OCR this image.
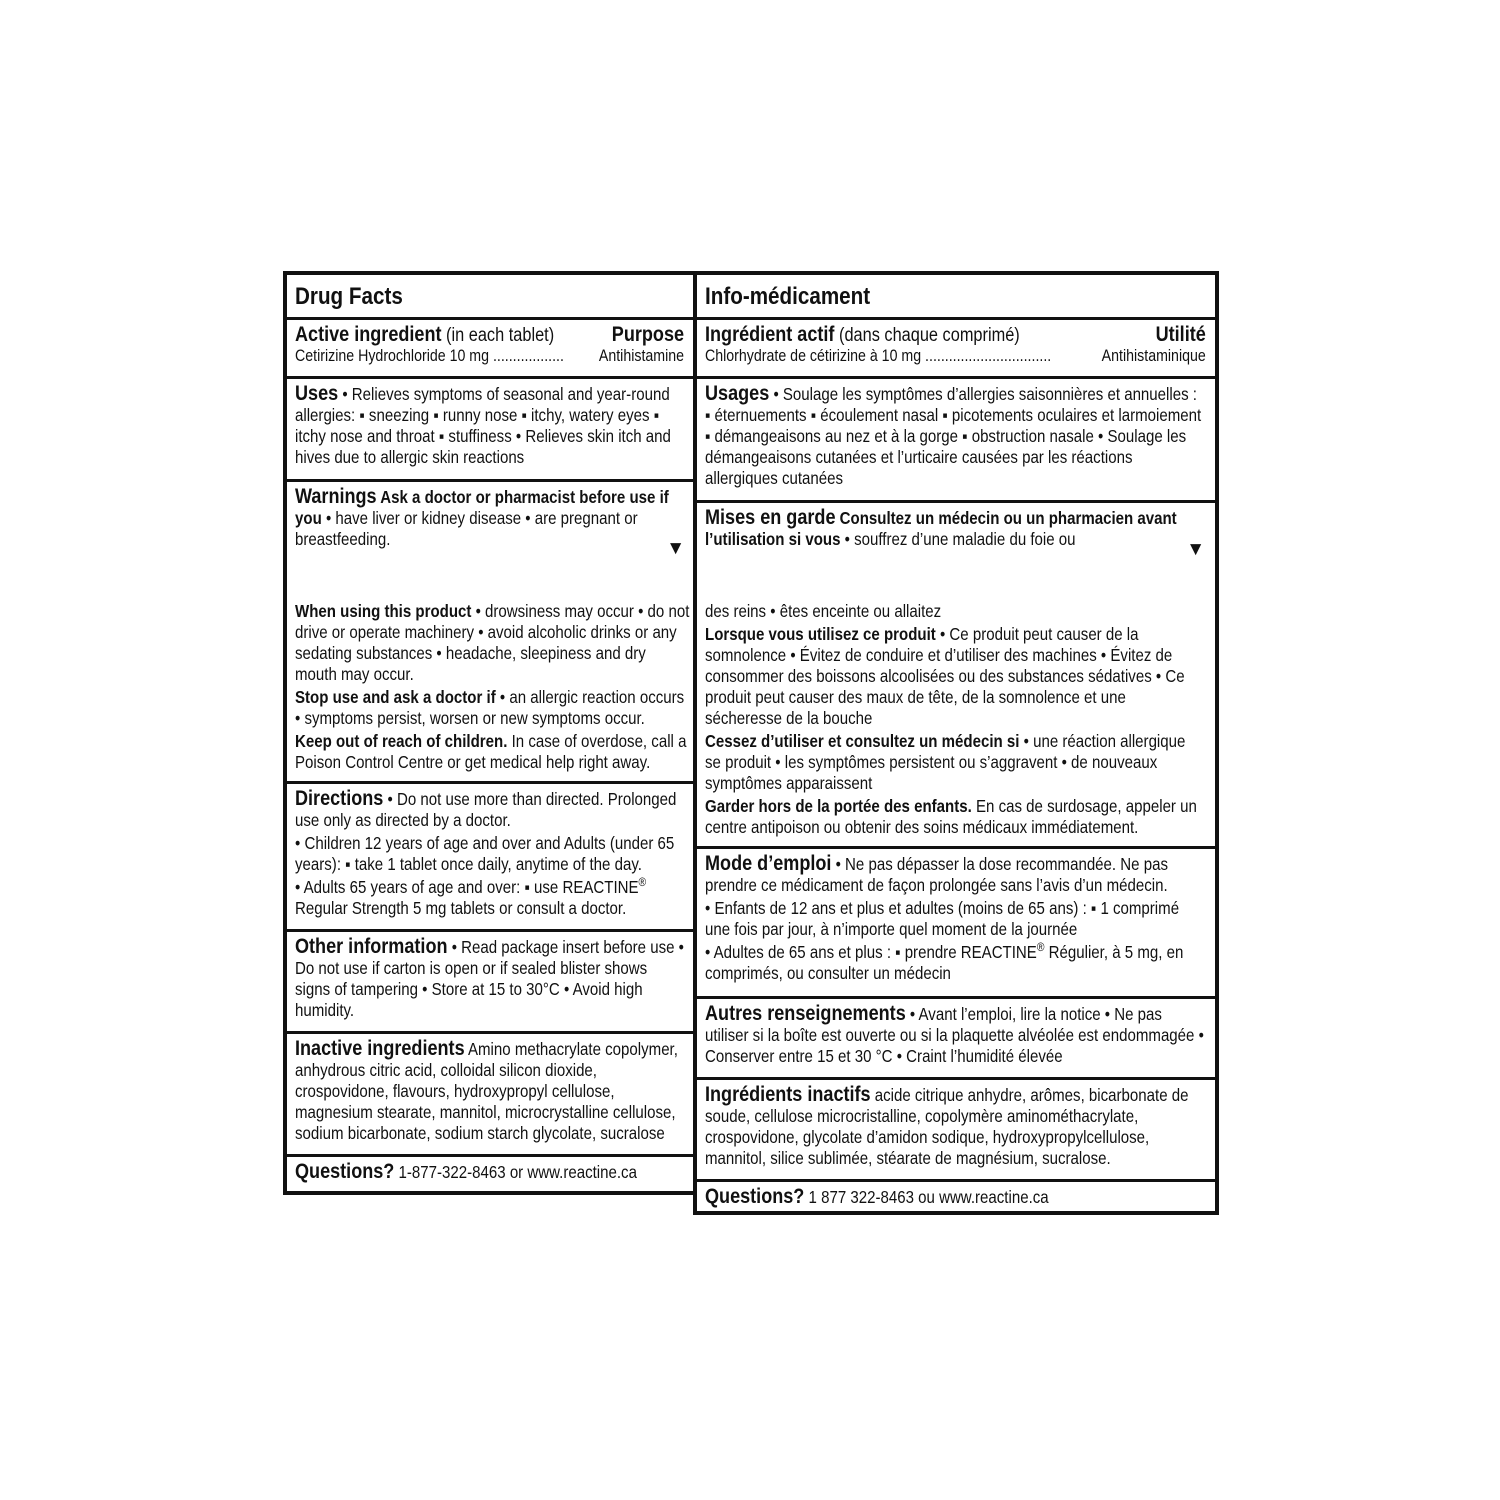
Drug Facts
Active ingredient (in each tablet)	Purpose
Cetirizine Hydrochloride 10 mg .................. Antihistamine
Uses • Relieves symptoms of seasonal and year-round allergies: ▪ sneezing ▪ runny nose ▪ itchy, watery eyes ▪ itchy nose and throat ▪ stuffiness • Relieves skin itch and hives due to allergic skin reactions
Warnings Ask a doctor or pharmacist before use if you • have liver or kidney disease • are pregnant or breastfeeding.	▼
When using this product • drowsiness may occur • do not drive or operate machinery • avoid alcoholic drinks or any sedating substances • headache, sleepiness and dry mouth may occur.
Stop use and ask a doctor if • an allergic reaction occurs • symptoms persist, worsen or new symptoms occur.
Keep out of reach of children. In case of overdose, call a Poison Control Centre or get medical help right away.
Directions • Do not use more than directed. Prolonged use only as directed by a doctor.
• Children 12 years of age and over and Adults (under 65 years): ▪ take 1 tablet once daily, anytime of the day.
• Adults 65 years of age and over: ▪ use REACTINE® Regular Strength 5 mg tablets or consult a doctor.
Other information • Read package insert before use • Do not use if carton is open or if sealed blister shows signs of tampering • Store at 15 to 30°C • Avoid high humidity.
Inactive ingredients Amino methacrylate copolymer, anhydrous citric acid, colloidal silicon dioxide, crospovidone, flavours, hydroxypropyl cellulose, magnesium stearate, mannitol, microcrystalline cellulose, sodium bicarbonate, sodium starch glycolate, sucralose
Questions? 1-877-322-8463 or www.reactine.ca
Info-médicament
Ingrédient actif (dans chaque comprimé)	Utilité
Chlorhydrate de cétirizine à 10 mg ................................	Antihistaminique
Usages • Soulage les symptômes d’allergies saisonnières et annuelles : ▪ éternuements ▪ écoulement nasal ▪ picotements oculaires et larmoiement ▪ démangeaisons au nez et à la gorge ▪ obstruction nasale • Soulage les démangeaisons cutanées et l’urticaire causées par les réactions allergiques cutanées
Mises en garde Consultez un médecin ou un pharmacien avant l’utilisation si vous • souffrez d’une maladie du foie ou	▼
des reins • êtes enceinte ou allaitez
Lorsque vous utilisez ce produit • Ce produit peut causer de la somnolence • Évitez de conduire et d’utiliser des machines • Évitez de consommer des boissons alcoolisées ou des substances sédatives • Ce produit peut causer des maux de tête, de la somnolence et une sécheresse de la bouche
Cessez d’utiliser et consultez un médecin si • une réaction allergique se produit • les symptômes persistent ou s’aggravent • de nouveaux symptômes apparaissent
Garder hors de la portée des enfants. En cas de surdosage, appeler un centre antipoison ou obtenir des soins médicaux immédiatement.
Mode d’emploi • Ne pas dépasser la dose recommandée. Ne pas prendre ce médicament de façon prolongée sans l’avis d’un médecin.
• Enfants de 12 ans et plus et adultes (moins de 65 ans) : ▪ 1 comprimé une fois par jour, à n’importe quel moment de la journée
• Adultes de 65 ans et plus : ▪ prendre REACTINE® Régulier, à 5 mg, en comprimés, ou consulter un médecin
Autres renseignements • Avant l’emploi, lire la notice • Ne pas utiliser si la boîte est ouverte ou si la plaquette alvéolée est endommagée • Conserver entre 15 et 30 °C • Craint l’humidité élevée
Ingrédients inactifs acide citrique anhydre, arômes, bicarbonate de soude, cellulose microcristalline, copolymère aminométhacrylate, crospovidone, glycolate d’amidon sodique, hydroxypropylcellulose, mannitol, silice sublimée, stéarate de magnésium, sucralose.
Questions? 1 877 322-8463 ou www.reactine.ca
